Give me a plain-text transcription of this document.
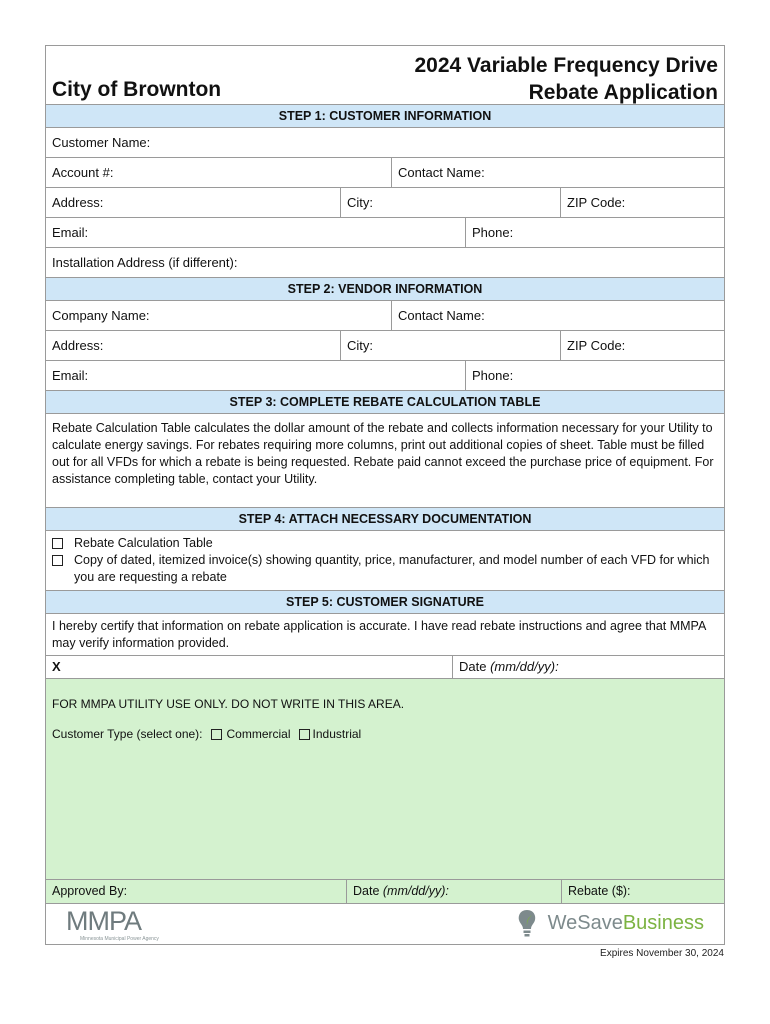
City of Brownton
2024 Variable Frequency Drive
Rebate Application
STEP 1: CUSTOMER INFORMATION
Customer Name:
Account #:	Contact Name:
Address:	City:	ZIP Code:
Email:	Phone:
Installation Address (if different):
STEP 2: VENDOR INFORMATION
Company Name:	Contact Name:
Address:	City:	ZIP Code:
Email:	Phone:
STEP 3: COMPLETE REBATE CALCULATION TABLE
Rebate Calculation Table calculates the dollar amount of the rebate and collects information necessary for your Utility to calculate energy savings. For rebates requiring more columns, print out additional copies of sheet. Table must be filled out for all VFDs for which a rebate is being requested. Rebate paid cannot exceed the purchase price of equipment. For assistance completing table, contact your Utility.
STEP 4: ATTACH NECESSARY DOCUMENTATION
Rebate Calculation Table
Copy of dated, itemized invoice(s) showing quantity, price, manufacturer, and model number of each VFD for which you are requesting a rebate
STEP 5: CUSTOMER SIGNATURE
I hereby certify that information on rebate application is accurate. I have read rebate instructions and agree that MMPA may verify information provided.
X	Date (mm/dd/yy):
FOR MMPA UTILITY USE ONLY. DO NOT WRITE IN THIS AREA.
Customer Type (select one): Commercial Industrial
Approved By:	Date (mm/dd/yy):	Rebate ($):
MMPA
Minnesota Municipal Power Agency
WeSave Business
Expires November 30, 2024
